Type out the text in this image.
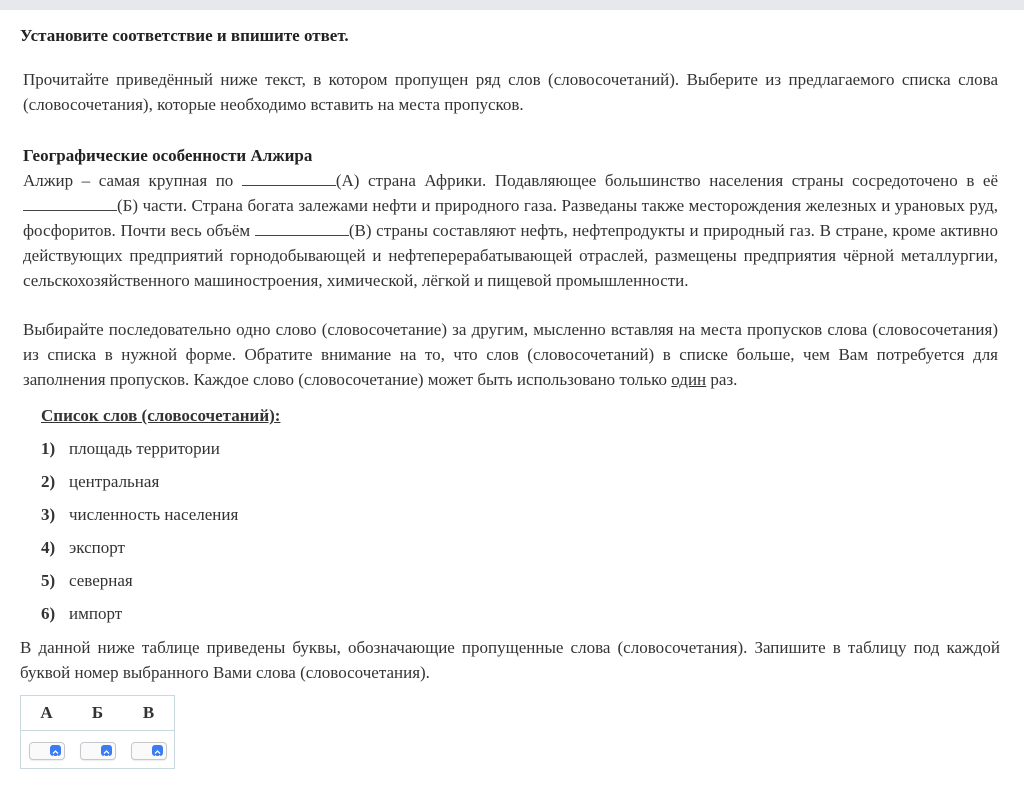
Установите соответствие и впишите ответ.
Прочитайте приведённый ниже текст, в котором пропущен ряд слов (словосочетаний). Выберите из предлагаемого списка слова (словосочетания), которые необходимо вставить на места пропусков.
Географические особенности Алжира
Алжир – самая крупная по	(А) страна Африки. Подавляющее большинство населения страны сосредоточено в её (Б) части. Страна богата залежами нефти и природного газа. Разведаны также месторождения железных и урановых руд, фосфоритов. Почти весь объём	(В) страны составляют нефть, нефтепродукты и природный газ. В стране, кроме активно действующих предприятий горнодобывающей и нефтеперерабатывающей отраслей, размещены предприятия чёрной металлургии, сельскохозяйственного машиностроения, химической, лёгкой и пищевой промышленности.
Выбирайте последовательно одно слово (словосочетание) за другим, мысленно вставляя на места пропусков слова (словосочетания) из списка в нужной форме. Обратите внимание на то, что слов (словосочетаний) в списке больше, чем Вам потребуется для заполнения пропусков. Каждое слово (словосочетание) может быть использовано только один раз.
Список слов (словосочетаний):
1) площадь территории
2) центральная
3) численность населения
4) экспорт
5) северная
6) импорт
В данной ниже таблице приведены буквы, обозначающие пропущенные слова (словосочетания). Запишите в таблицу под каждой буквой номер выбранного Вами слова (словосочетания).
А	Б	В
